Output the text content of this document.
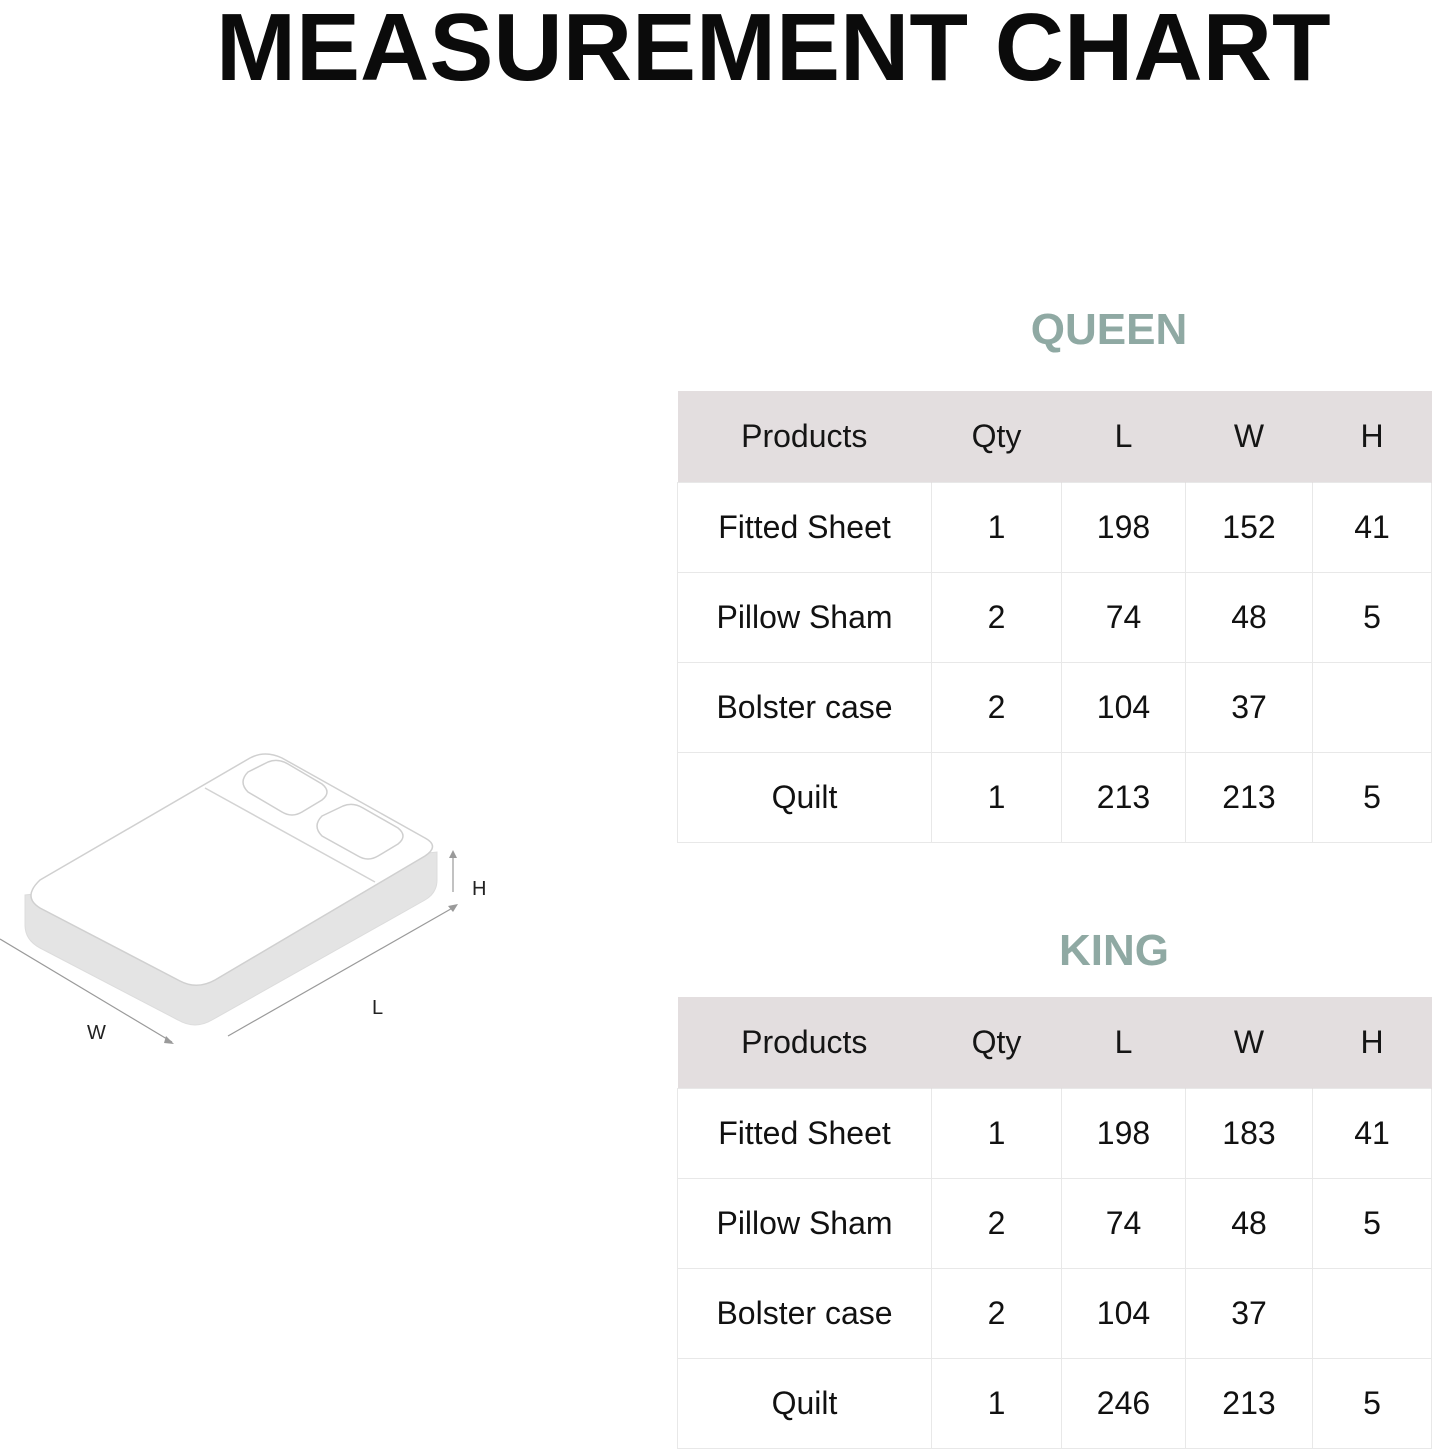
MEASUREMENT CHART
H
L
W
QUEEN
Products	Qty	L	W	H
Fitted Sheet	1	198	152	41
Pillow Sham	2	74	48	5
Bolster case	2	104	37	
Quilt	1	213	213	5
KING
Products	Qty	L	W	H
Fitted Sheet	1	198	183	41
Pillow Sham	2	74	48	5
Bolster case	2	104	37	
Quilt	1	246	213	5
